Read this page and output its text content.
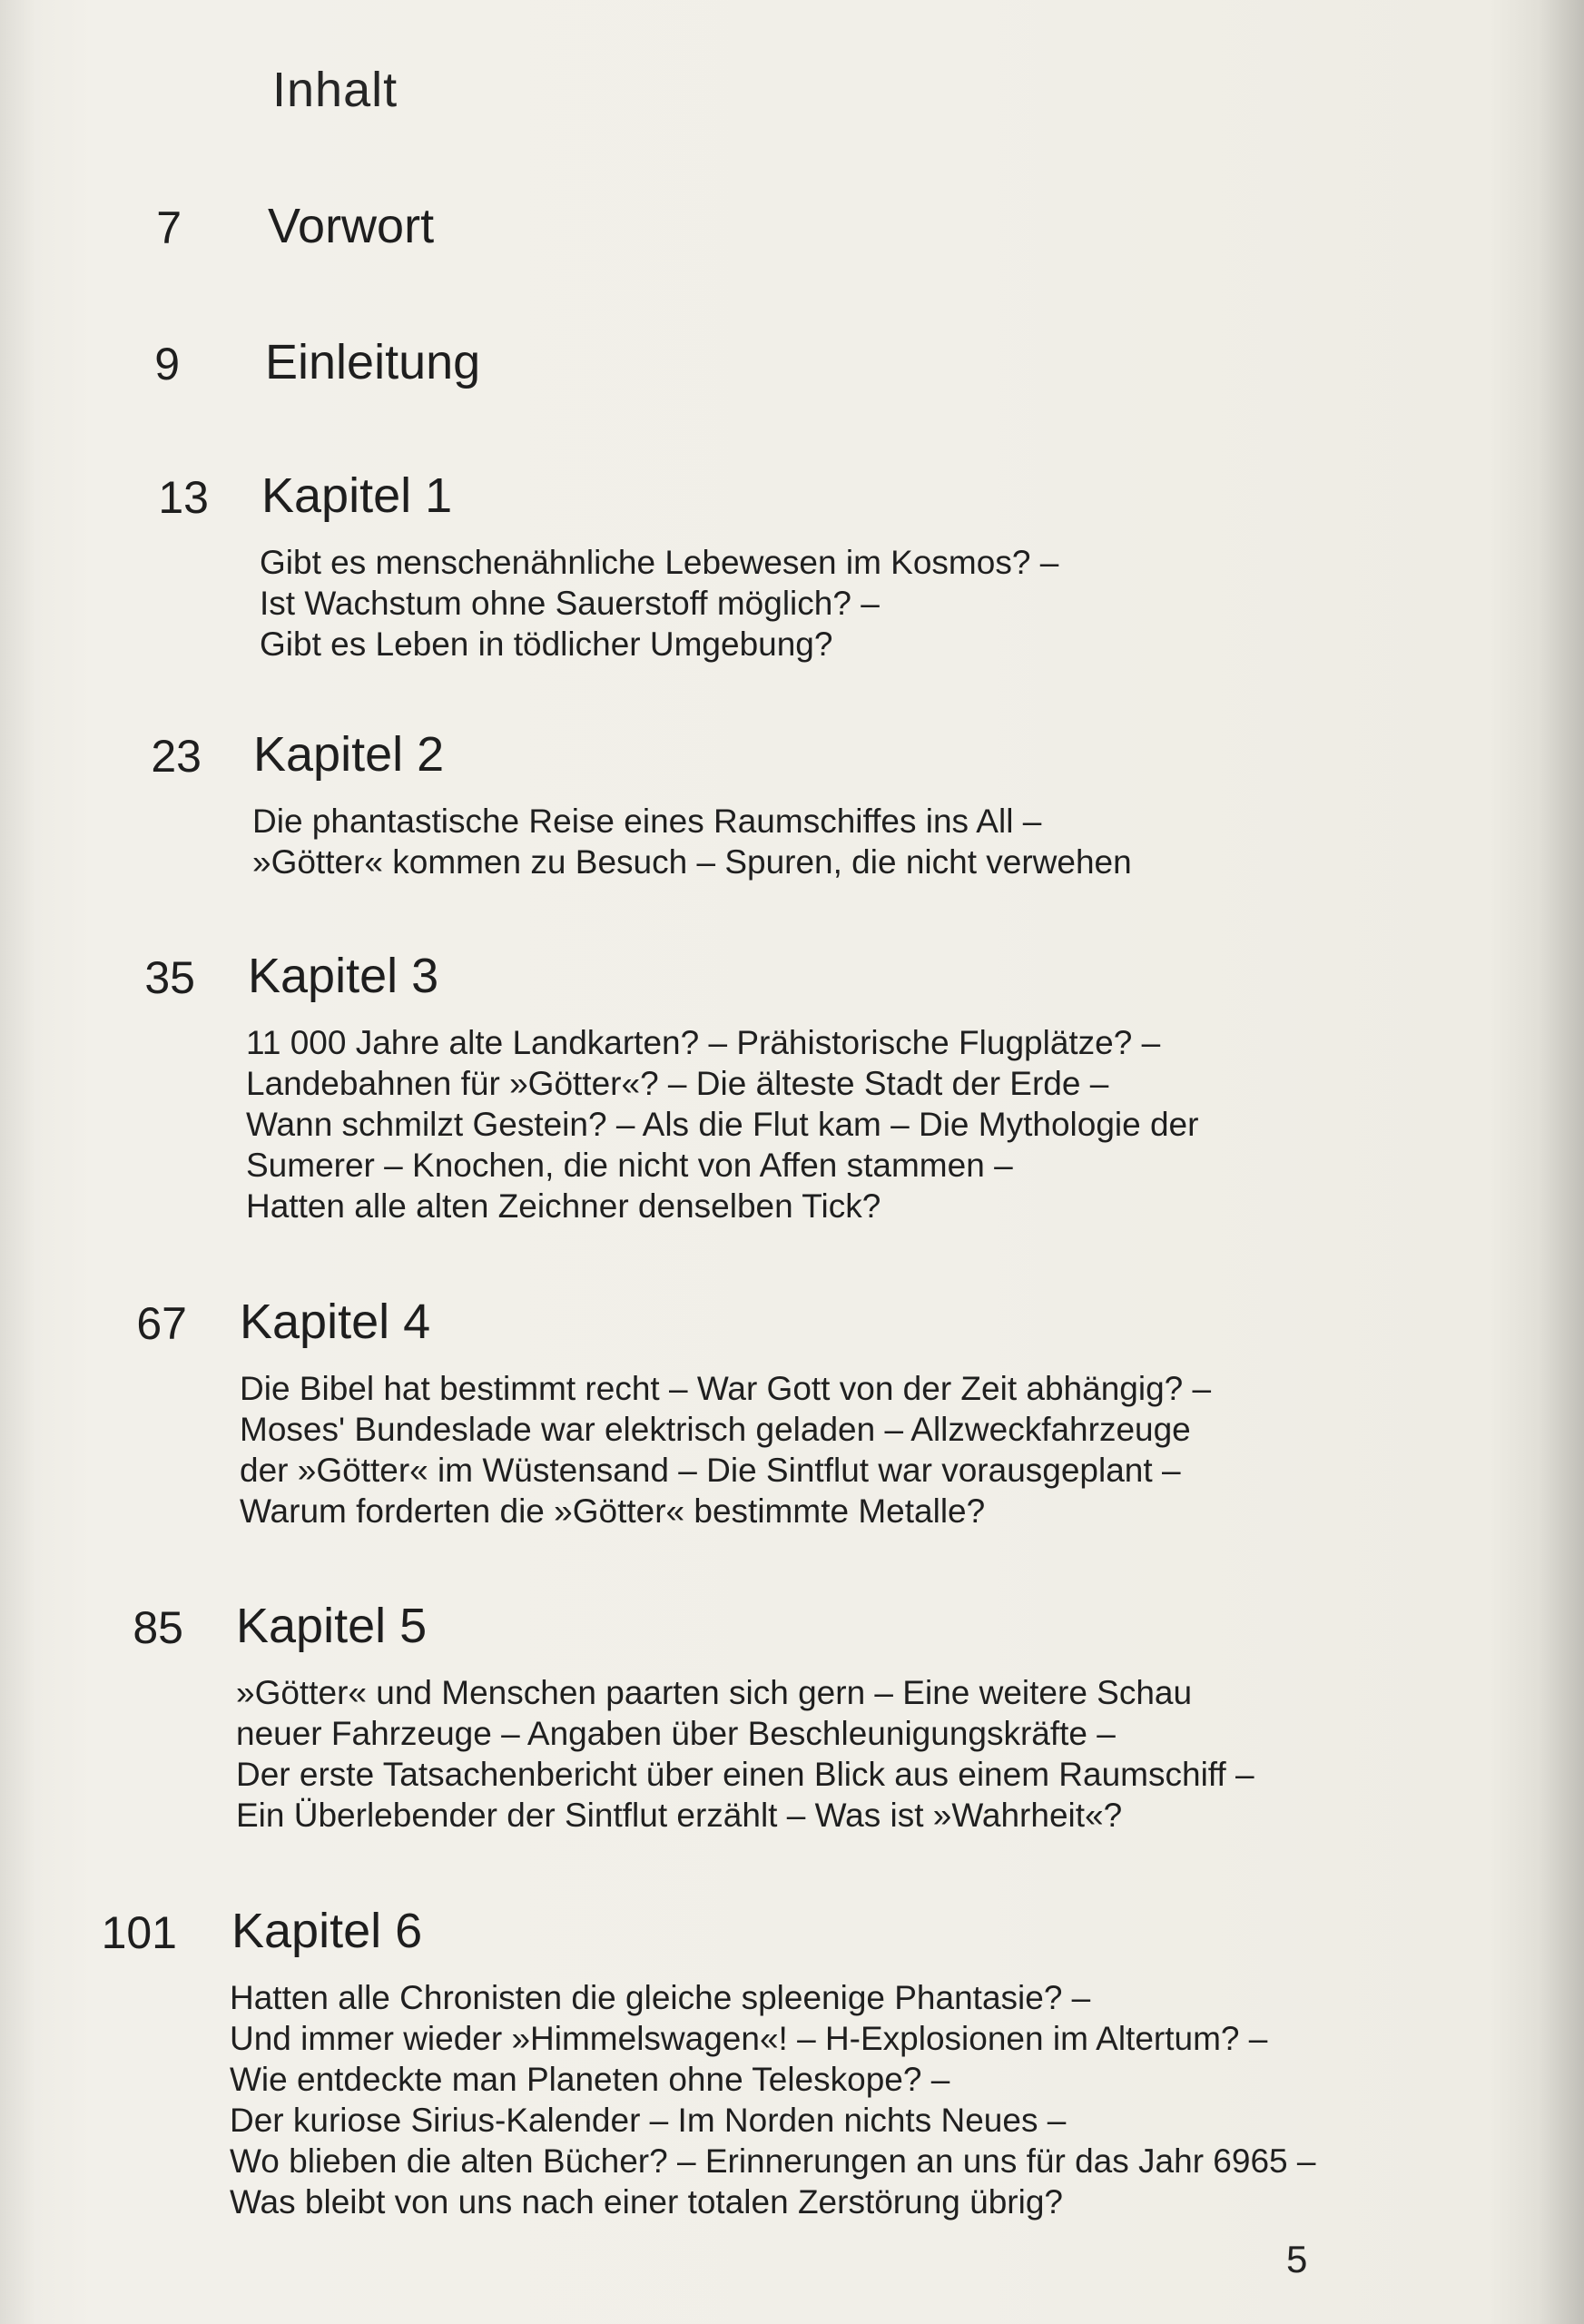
Inhalt
7 Vorwort
9 Einleitung
13 Kapitel 1
Gibt es menschenähnliche Lebewesen im Kosmos? –
Ist Wachstum ohne Sauerstoff möglich? –
Gibt es Leben in tödlicher Umgebung?
23 Kapitel 2
Die phantastische Reise eines Raumschiffes ins All –
»Götter« kommen zu Besuch – Spuren, die nicht verwehen
35 Kapitel 3
11 000 Jahre alte Landkarten? – Prähistorische Flugplätze? –
Landebahnen für »Götter«? – Die älteste Stadt der Erde –
Wann schmilzt Gestein? – Als die Flut kam – Die Mythologie der
Sumerer – Knochen, die nicht von Affen stammen –
Hatten alle alten Zeichner denselben Tick?
67 Kapitel 4
Die Bibel hat bestimmt recht – War Gott von der Zeit abhängig? –
Moses' Bundeslade war elektrisch geladen – Allzweckfahrzeuge
der »Götter« im Wüstensand – Die Sintflut war vorausgeplant –
Warum forderten die »Götter« bestimmte Metalle?
85 Kapitel 5
»Götter« und Menschen paarten sich gern – Eine weitere Schau
neuer Fahrzeuge – Angaben über Beschleunigungskräfte –
Der erste Tatsachenbericht über einen Blick aus einem Raumschiff –
Ein Überlebender der Sintflut erzählt – Was ist »Wahrheit«?
101 Kapitel 6
Hatten alle Chronisten die gleiche spleenige Phantasie? –
Und immer wieder »Himmelswagen«! – H-Explosionen im Altertum? –
Wie entdeckte man Planeten ohne Teleskope? –
Der kuriose Sirius-Kalender – Im Norden nichts Neues –
Wo blieben die alten Bücher? – Erinnerungen an uns für das Jahr 6965 –
Was bleibt von uns nach einer totalen Zerstörung übrig?
5
